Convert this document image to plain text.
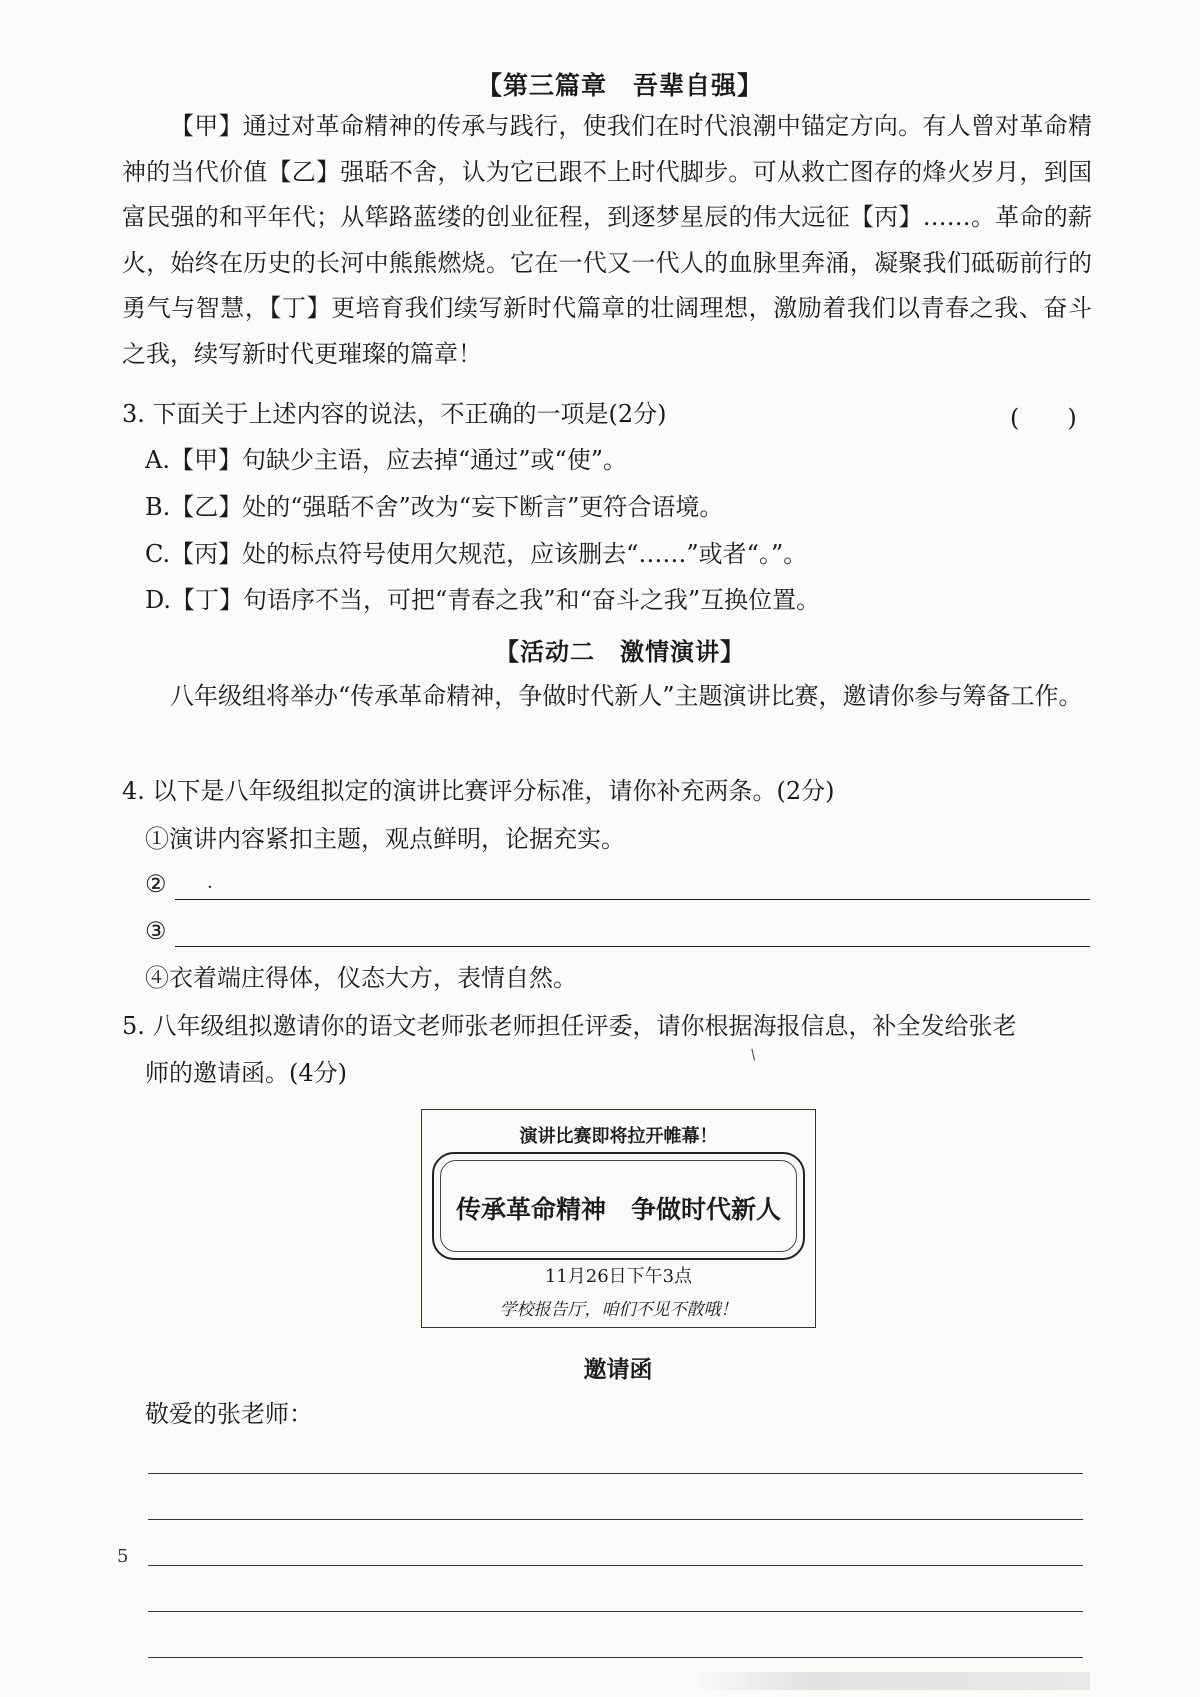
【第三篇章　吾辈自强】

【甲】通过对革命精神的传承与践行，使我们在时代浪潮中锚定方向。有人曾对革命精神的当代价值【乙】强聒不舍，认为它已跟不上时代脚步。可从救亡图存的烽火岁月，到国富民强的和平年代；从筚路蓝缕的创业征程，到逐梦星辰的伟大远征【丙】……。革命的薪火，始终在历史的长河中熊熊燃烧。它在一代又一代人的血脉里奔涌，凝聚我们砥砺前行的勇气与智慧，【丁】更培育我们续写新时代篇章的壮阔理想，激励着我们以青春之我、奋斗之我，续写新时代更璀璨的篇章！

3. 下面关于上述内容的说法，不正确的一项是(2分)	(　　)
A.【甲】句缺少主语，应去掉“通过”或“使”。
B.【乙】处的“强聒不舍”改为“妄下断言”更符合语境。
C.【丙】处的标点符号使用欠规范，应该删去“……”或者“。”。
D.【丁】句语序不当，可把“青春之我”和“奋斗之我”互换位置。
【活动二　激情演讲】

八年级组将举办“传承革命精神，争做时代新人”主题演讲比赛，邀请你参与筹备工作。

4. 以下是八年级组拟定的演讲比赛评分标准，请你补充两条。(2分)
①演讲内容紧扣主题，观点鲜明，论据充实。
② ·
③
④衣着端庄得体，仪态大方，表情自然。
5. 八年级组拟邀请你的语文老师张老师担任评委，请你根据海报信息，补全发给张老
师的邀请函。(4分)
/
演讲比赛即将拉开帷幕！
传承革命精神　争做时代新人
11月26日下午3点
学校报告厅，咱们不见不散哦！
邀请函
敬爱的张老师：
5
